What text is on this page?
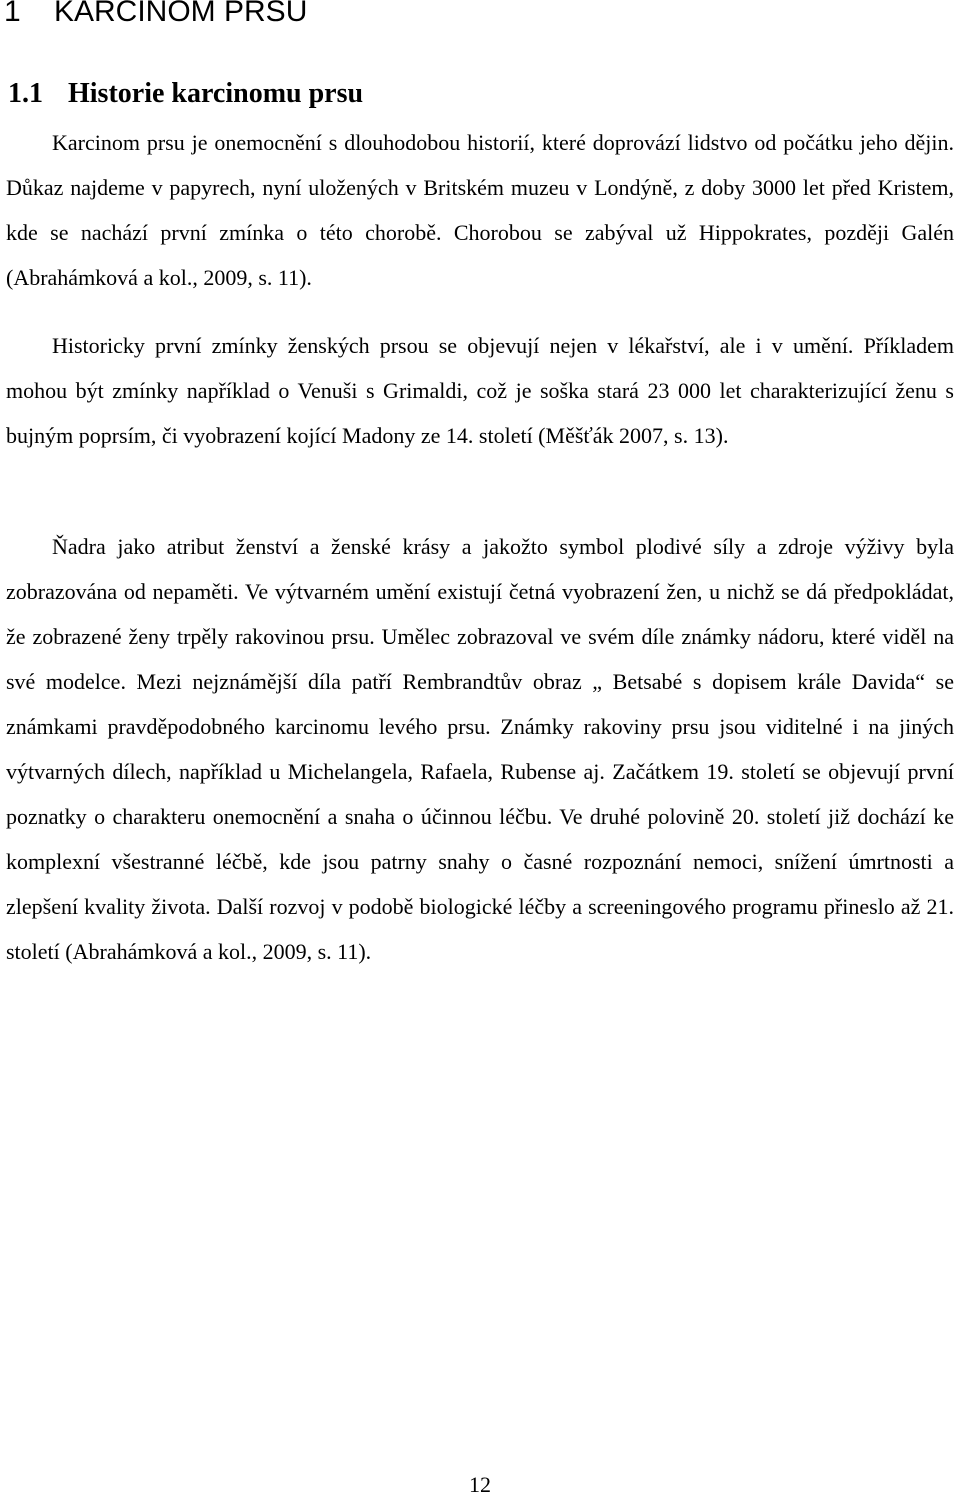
1 KARCINOM PRSU
1.1 Historie karcinomu prsu

Karcinom prsu je onemocnění s dlouhodobou historií, které doprovází lidstvo od počátku jeho dějin. Důkaz najdeme v papyrech, nyní uložených v Britském muzeu v Londýně, z doby 3000 let před Kristem, kde se nachází první zmínka o této chorobě. Chorobou se zabýval už Hippokrates, později Galén (Abrahámková a kol., 2009, s. 11).

Historicky první zmínky ženských prsou se objevují nejen v lékařství, ale i v umění. Příkladem mohou být zmínky například o Venuši s Grimaldi, což je soška stará 23 000 let charakterizující ženu s bujným poprsím, či vyobrazení kojící Madony ze 14. století (Měšťák 2007, s. 13).

Ňadra jako atribut ženství a ženské krásy a jakožto symbol plodivé síly a zdroje výživy byla zobrazována od nepaměti. Ve výtvarném umění existují četná vyobrazení žen, u nichž se dá předpokládat, že zobrazené ženy trpěly rakovinou prsu. Umělec zobrazoval ve svém díle známky nádoru, které viděl na své modelce. Mezi nejznámější díla patří Rembrandtův obraz „ Betsabé s dopisem krále Davida“ se známkami pravděpodobného karcinomu levého prsu. Známky rakoviny prsu jsou viditelné i na jiných výtvarných dílech, například u Michelangela, Rafaela, Rubense aj. Začátkem 19. století se objevují první poznatky o charakteru onemocnění a snaha o účinnou léčbu. Ve druhé polovině 20. století již dochází ke komplexní všestranné léčbě, kde jsou patrny snahy o časné rozpoznání nemoci, snížení úmrtnosti a zlepšení kvality života. Další rozvoj v podobě biologické léčby a screeningového programu přineslo až 21. století (Abrahámková a kol., 2009, s. 11).

12
